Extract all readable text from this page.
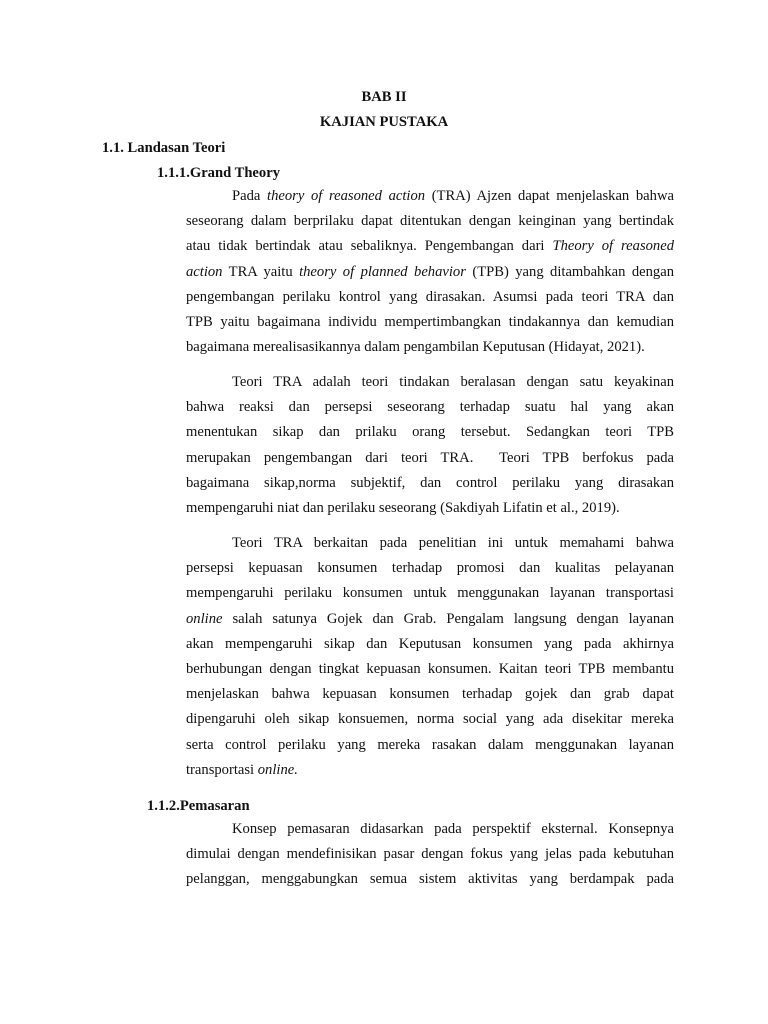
BAB II
KAJIAN PUSTAKA
1.1. Landasan Teori
1.1.1.Grand Theory
Pada theory of reasoned action (TRA) Ajzen dapat menjelaskan bahwa
seseorang dalam berprilaku dapat ditentukan dengan keinginan yang bertindak
atau tidak bertindak atau sebaliknya. Pengembangan dari Theory of reasoned
action TRA yaitu theory of planned behavior (TPB) yang ditambahkan dengan
pengembangan perilaku kontrol yang dirasakan. Asumsi pada teori TRA dan
TPB yaitu bagaimana individu mempertimbangkan tindakannya dan kemudian
bagaimana merealisasikannya dalam pengambilan Keputusan (Hidayat, 2021).
Teori TRA adalah teori tindakan beralasan dengan satu keyakinan
bahwa reaksi dan persepsi seseorang terhadap suatu hal yang akan
menentukan sikap dan prilaku orang tersebut. Sedangkan teori TPB
merupakan pengembangan dari teori TRA.  Teori TPB berfokus pada
bagaimana sikap,norma subjektif, dan control perilaku yang dirasakan
mempengaruhi niat dan perilaku seseorang (Sakdiyah Lifatin et al., 2019).
Teori TRA berkaitan pada penelitian ini untuk memahami bahwa
persepsi kepuasan konsumen terhadap promosi dan kualitas pelayanan
mempengaruhi perilaku konsumen untuk menggunakan layanan transportasi
online salah satunya Gojek dan Grab. Pengalam langsung dengan layanan
akan mempengaruhi sikap dan Keputusan konsumen yang pada akhirnya
berhubungan dengan tingkat kepuasan konsumen. Kaitan teori TPB membantu
menjelaskan bahwa kepuasan konsumen terhadap gojek dan grab dapat
dipengaruhi oleh sikap konsuemen, norma social yang ada disekitar mereka
serta control perilaku yang mereka rasakan dalam menggunakan layanan
transportasi online.
1.1.2.Pemasaran
Konsep pemasaran didasarkan pada perspektif eksternal. Konsepnya
dimulai dengan mendefinisikan pasar dengan fokus yang jelas pada kebutuhan
pelanggan, menggabungkan semua sistem aktivitas yang berdampak pada
